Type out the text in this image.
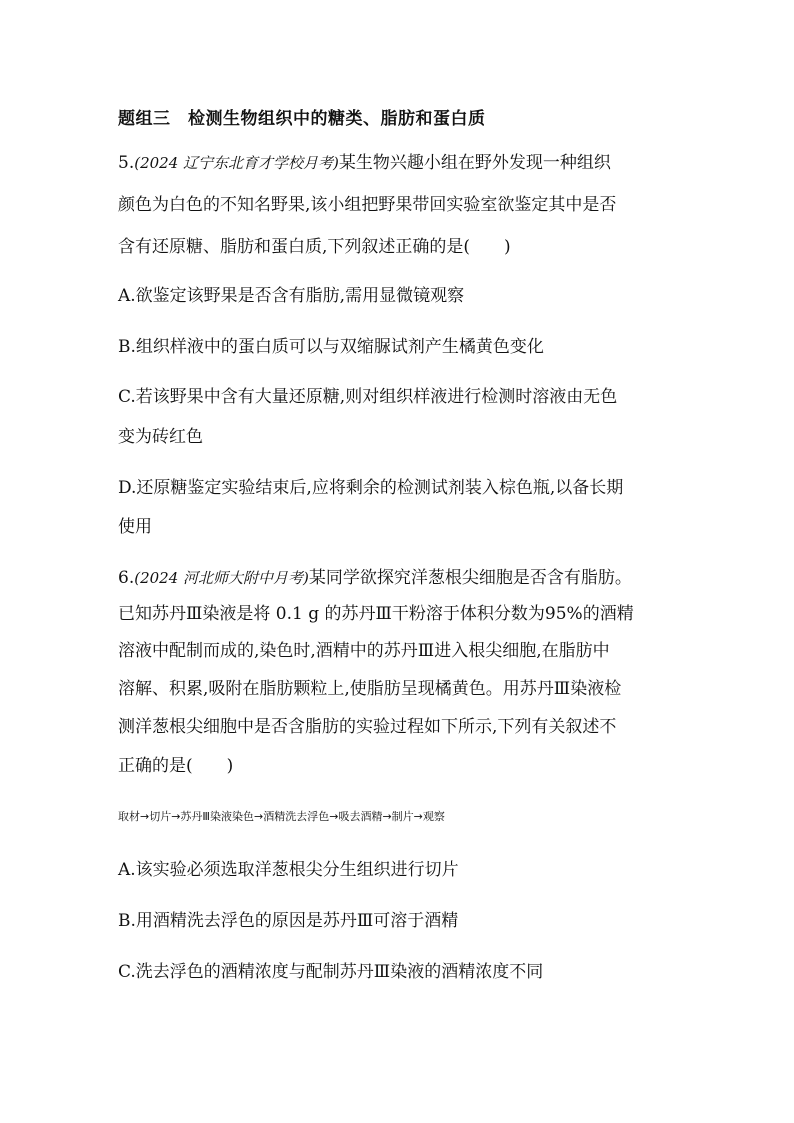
题组三　检测生物组织中的糖类、脂肪和蛋白质
5.(2024 辽宁东北育才学校月考)某生物兴趣小组在野外发现一种组织
颜色为白色的不知名野果,该小组把野果带回实验室欲鉴定其中是否
含有还原糖、脂肪和蛋白质,下列叙述正确的是( )
A.欲鉴定该野果是否含有脂肪,需用显微镜观察
B.组织样液中的蛋白质可以与双缩脲试剂产生橘黄色变化
C.若该野果中含有大量还原糖,则对组织样液进行检测时溶液由无色
变为砖红色
D.还原糖鉴定实验结束后,应将剩余的检测试剂装入棕色瓶,以备长期
使用
6.(2024 河北师大附中月考)某同学欲探究洋葱根尖细胞是否含有脂肪。
已知苏丹Ⅲ染液是将 0.1 g 的苏丹Ⅲ干粉溶于体积分数为95%的酒精
溶液中配制而成的,染色时,酒精中的苏丹Ⅲ进入根尖细胞,在脂肪中
溶解、积累,吸附在脂肪颗粒上,使脂肪呈现橘黄色。用苏丹Ⅲ染液检
测洋葱根尖细胞中是否含脂肪的实验过程如下所示,下列有关叙述不
正确的是( )
取材→切片→苏丹Ⅲ染液染色→酒精洗去浮色→吸去酒精→制片→观察
A.该实验必须选取洋葱根尖分生组织进行切片
B.用酒精洗去浮色的原因是苏丹Ⅲ可溶于酒精
C.洗去浮色的酒精浓度与配制苏丹Ⅲ染液的酒精浓度不同
